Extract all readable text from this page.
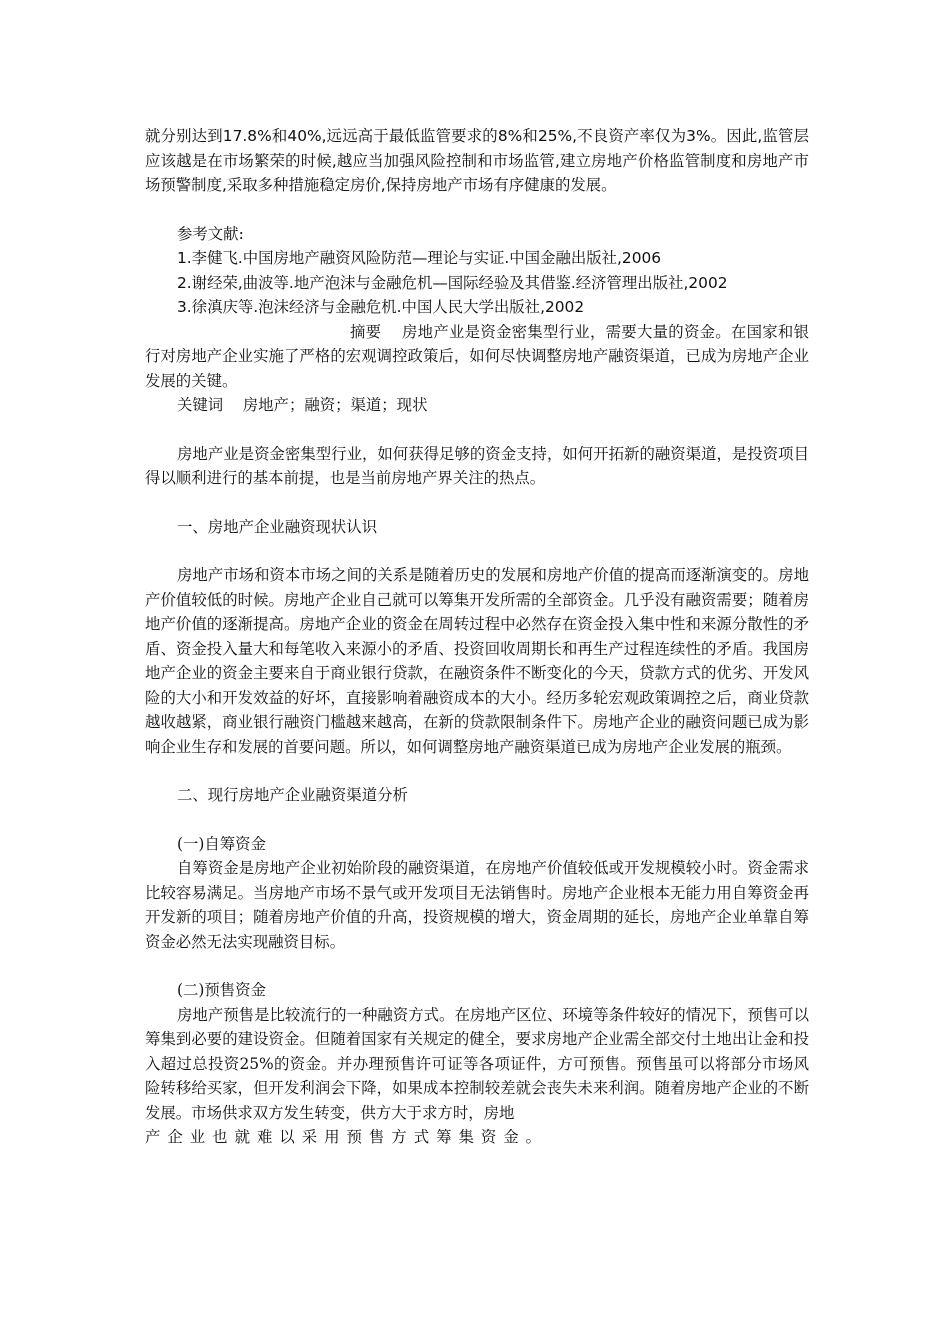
就分别达到17.8%和40%,远远高于最低监管要求的8%和25%,不良资产率仅为3%。因此,监管层应该越是在市场繁荣的时候,越应当加强风险控制和市场监管,建立房地产价格监管制度和房地产市场预警制度,采取多种措施稳定房价,保持房地产市场有序健康的发展。

参考文献:

1.李健飞.中国房地产融资风险防范—理论与实证.中国金融出版社,2006

2.谢经荣,曲波等.地产泡沫与金融危机—国际经验及其借鉴.经济管理出版社,2002

3.徐滇庆等.泡沫经济与金融危机.中国人民大学出版社,2002

摘要 房地产业是资金密集型行业，需要大量的资金。在国家和银行对房地产企业实施了严格的宏观调控政策后，如何尽快调整房地产融资渠道，已成为房地产企业发展的关键。

关键词 房地产；融资；渠道；现状

房地产业是资金密集型行业，如何获得足够的资金支持，如何开拓新的融资渠道，是投资项目得以顺利进行的基本前提，也是当前房地产界关注的热点。

一、房地产企业融资现状认识

房地产市场和资本市场之间的关系是随着历史的发展和房地产价值的提高而逐渐演变的。房地产价值较低的时候。房地产企业自己就可以筹集开发所需的全部资金。几乎没有融资需要；随着房地产价值的逐渐提高。房地产企业的资金在周转过程中必然存在资金投入集中性和来源分散性的矛盾、资金投入量大和每笔收入来源小的矛盾、投资回收周期长和再生产过程连续性的矛盾。我国房地产企业的资金主要来自于商业银行贷款，在融资条件不断变化的今天，贷款方式的优劣、开发风险的大小和开发效益的好坏，直接影响着融资成本的大小。经历多轮宏观政策调控之后，商业贷款越收越紧，商业银行融资门槛越来越高，在新的贷款限制条件下。房地产企业的融资问题已成为影响企业生存和发展的首要问题。所以，如何调整房地产融资渠道已成为房地产企业发展的瓶颈。

二、现行房地产企业融资渠道分析

(一)自筹资金

自筹资金是房地产企业初始阶段的融资渠道，在房地产价值较低或开发规模较小时。资金需求比较容易满足。当房地产市场不景气或开发项目无法销售时。房地产企业根本无能力用自筹资金再开发新的项目；随着房地产价值的升高，投资规模的增大，资金周期的延长，房地产企业单靠自筹资金必然无法实现融资目标。

(二)预售资金

房地产预售是比较流行的一种融资方式。在房地产区位、环境等条件较好的情况下，预售可以筹集到必要的建设资金。但随着国家有关规定的健全，要求房地产企业需全部交付土地出让金和投入超过总投资25%的资金。并办理预售许可证等各项证件，方可预售。预售虽可以将部分市场风险转移给买家，但开发利润会下降，如果成本控制较差就会丧失未来利润。随着房地产企业的不断发展。市场供求双方发生转变，供方大于求方时，房地

产企业也就难以采用预售方式筹集资金。
